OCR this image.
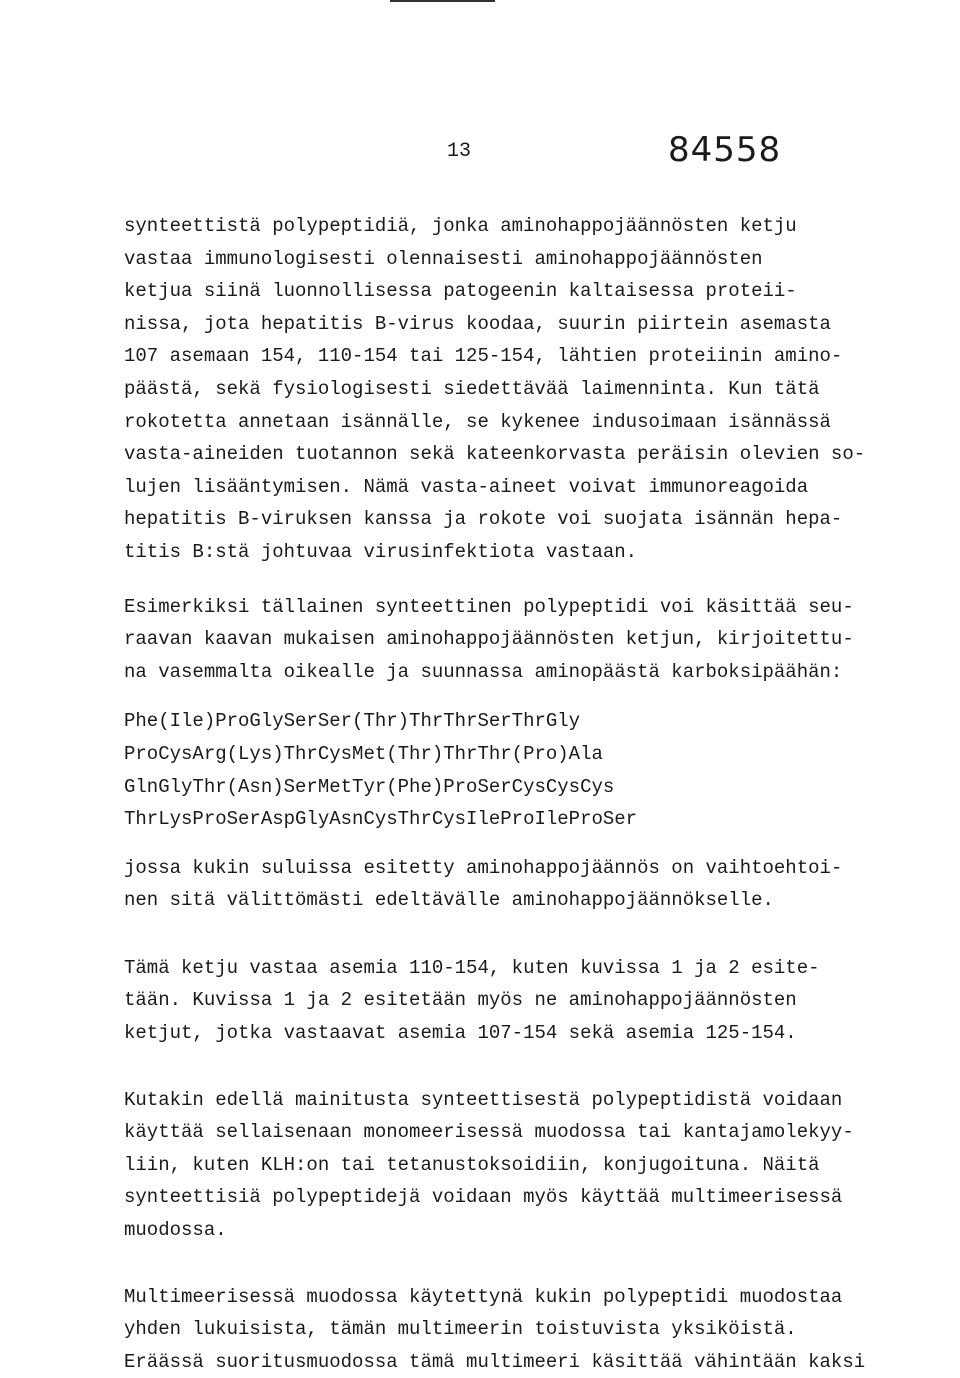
13	84558

synteettistä polypeptidiä, jonka aminohappojäännösten ketju
vastaa immunologisesti olennaisesti aminohappojäännösten
ketjua siinä luonnollisessa patogeenin kaltaisessa proteii-
nissa, jota hepatitis B-virus koodaa, suurin piirtein asemasta
107 asemaan 154, 110-154 tai 125-154, lähtien proteiinin amino-
päästä, sekä fysiologisesti siedettävää laimenninta. Kun tätä
rokotetta annetaan isännälle, se kykenee indusoimaan isännässä
vasta-aineiden tuotannon sekä kateenkorvasta peräisin olevien so-
lujen lisääntymisen. Nämä vasta-aineet voivat immunoreagoida
hepatitis B-viruksen kanssa ja rokote voi suojata isännän hepa-
titis B:stä johtuvaa virusinfektiota vastaan.

Esimerkiksi tällainen synteettinen polypeptidi voi käsittää seu-
raavan kaavan mukaisen aminohappojäännösten ketjun, kirjoitettu-
na vasemmalta oikealle ja suunnassa aminopäästä karboksipäähän:

Phe(Ile)ProGlySerSer(Thr)ThrThrSerThrGly
ProCysArg(Lys)ThrCysMet(Thr)ThrThr(Pro)Ala
GlnGlyThr(Asn)SerMetTyr(Phe)ProSerCysCysCys
ThrLysProSerAspGlyAsnCysThrCysIleProIleProSer

jossa kukin suluissa esitetty aminohappojäännös on vaihtoehtoi-
nen sitä välittömästi edeltävälle aminohappojäännökselle.

Tämä ketju vastaa asemia 110-154, kuten kuvissa 1 ja 2 esite-
tään. Kuvissa 1 ja 2 esitetään myös ne aminohappojäännösten
ketjut, jotka vastaavat asemia 107-154 sekä asemia 125-154.

Kutakin edellä mainitusta synteettisestä polypeptidistä voidaan
käyttää sellaisenaan monomeerisessä muodossa tai kantajamolekyy-
liin, kuten KLH:on tai tetanustoksoidiin, konjugoituna. Näitä
synteettisiä polypeptidejä voidaan myös käyttää multimeerisessä
muodossa.

Multimeerisessä muodossa käytettynä kukin polypeptidi muodostaa
yhden lukuisista, tämän multimeerin toistuvista yksiköistä.
Eräässä suoritusmuodossa tämä multimeeri käsittää vähintään kaksi
